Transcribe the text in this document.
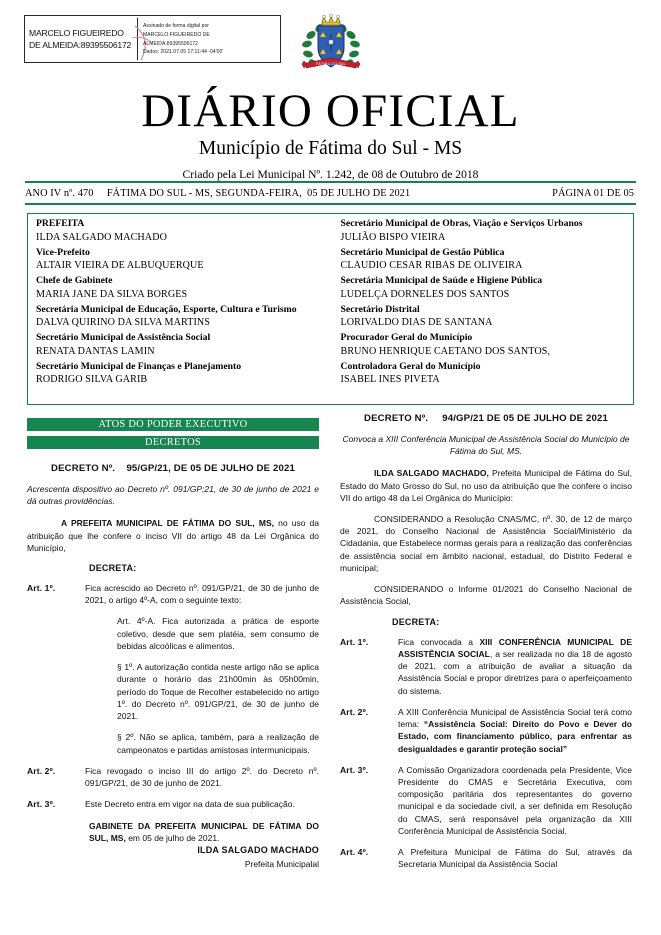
MARCELO FIGUEIREDO DE ALMEIDA:89395506172
Assinado de forma digital por
MARCELO FIGUEIREDO DE
ALMEIDA:89395506172
Dados: 2021.07.05 17:11:44 -04'00'
FÁTIMA DO SUL
DIÁRIO OFICIAL
Município de Fátima do Sul - MS
Criado pela Lei Municipal Nº. 1.242, de 08 de Outubro de 2018
ANO IV nº. 470     FÁTIMA DO SUL - MS, SEGUNDA-FEIRA,  05 DE JULHO DE 2021	PÁGINA 01 DE 05
PREFEITA
ILDA SALGADO MACHADO
Vice-Prefeito
ALTAIR VIEIRA DE ALBUQUERQUE
Chefe de Gabinete
MARIA JANE DA SILVA BORGES
Secretária Municipal de Educação, Esporte, Cultura e Turismo
DALVA QUIRINO DA SILVA MARTINS
Secretário Municipal de Assistência Social
RENATA DANTAS LAMIN
Secretário Municipal de Finanças e Planejamento
RODRIGO SILVA GARIB
Secretário Municipal de Obras, Viação e Serviços Urbanos
JULIÃO BISPO VIEIRA
Secretário Municipal de Gestão Pública
CLAUDIO CESAR RIBAS DE OLIVEIRA
Secretária Municipal de Saúde e Higiene Pública
LUDELÇA DORNELES DOS SANTOS
Secretário Distrital
LORIVALDO DIAS DE SANTANA
Procurador Geral do Município
BRUNO HENRIQUE CAETANO DOS SANTOS,
Controladora Geral do Município
ISABEL INES PIVETA
ATOS DO PODER EXECUTIVO
DECRETOS
DECRETO Nº.    95/GP/21, DE 05 DE JULHO DE 2021
Acrescenta dispositivo ao Decreto nº. 091/GP;21, de 30 de junho de 2021 e dá outras providências.
A PREFEITA MUNICIPAL DE FÁTIMA DO SUL, MS, no uso da atribuição que lhe confere o inciso VII do artigo 48 da Lei Orgânica do Município,
DECRETA:
Art. 1º.	Fica acrescido ao Decreto nº. 091/GP/21, de 30 de junho de 2021, o artigo 4º-A, com o seguinte texto:
Art. 4º-A. Fica autorizada a prática de esporte coletivo, desde que sem platéia, sem consumo de bebidas alcoólicas e alimentos.
§ 1º. A autorização contida neste artigo não se aplica durante o horário das 21h00min às 05h00min, período do Toque de Recolher estabelecido no artigo 1º. do Decreto nº. 091/GP/21, de 30 de junho de 2021.
§ 2º. Não se aplica, também, para a realização de campeonatos e partidas amistosas intermunicipais.
Art. 2º.	Fica revogado o inciso III do artigo 2º. do Decreto nº. 091/GP/21, de 30 de junho de 2021.
Art. 3º.	Este Decreto entra em vigor na data de sua publicação.
GABINETE DA PREFEITA MUNICIPAL DE FÁTIMA DO SUL, MS, em 05 de julho de 2021.
ILDA SALGADO MACHADO
Prefeita Municipalal
DECRETO Nº.     94/GP/21 DE 05 DE JULHO DE 2021
Convoca a XIII Conferência Municipal de Assistência Social do Município de Fátima do Sul, MS.
ILDA SALGADO MACHADO, Prefeita Municipal de Fátima do Sul, Estado do Mato Grosso do Sul, no uso da atribuição que lhe confere o inciso VII do artigo 48 da Lei Orgânica do Município:
CONSIDERANDO a Resolução CNAS/MC, nº. 30, de 12 de março de 2021, do Conselho Nacional de Assistência Social/Ministério da Cidadania, que Estabelece normas gerais para a realização das conferências de assistência social em âmbito nacional, estadual, do Distrito Federal e municipal;
CONSIDERANDO o Informe 01/2021 do Conselho Nacional de Assistência Social,
DECRETA:
Art. 1º.	Fica convocada a XIII CONFERÊNCIA MUNICIPAL DE ASSISTÊNCIA SOCIAL, a ser realizada no dia 18 de agosto de 2021, com a atribuição de avaliar a situação da Assistência Social e propor diretrizes para o aperfeiçoamento do sistema.
Art. 2º.	A XIII Conferência Municipal de Assistência Social terá como tema: “Assistência Social: Direito do Povo e Dever do Estado, com financiamento público, para enfrentar as desigualdades e garantir proteção social”
Art. 3º.	A Comissão Organizadora coordenada pela Presidente, Vice Presidente do CMAS e Secretária Executiva, com composição paritária dos representantes do governo municipal e da sociedade civil, a ser definida em Resolução do CMAS, será responsável pela organização da XIII Conferência Municipal de Assistência Social.
Art. 4º.	A Prefeitura Municipal de Fátima do Sul, através da Secretaria Municipal da Assistência Social
